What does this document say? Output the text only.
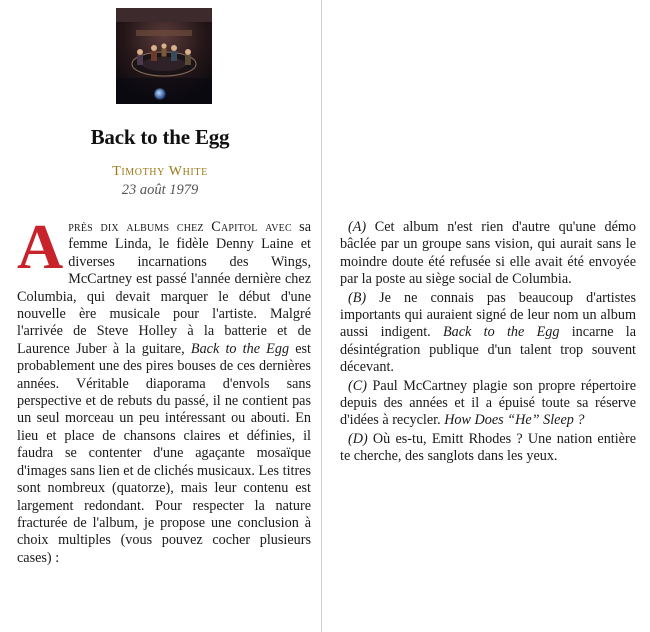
Back to the Egg
Timothy White
23 août 1979

Après dix albums chez Capitol avec sa femme Linda, le fidèle Denny Laine et diverses incarnations des Wings, McCartney est passé l'année dernière chez Columbia, qui devait marquer le début d'une nouvelle ère musicale pour l'artiste. Malgré l'arrivée de Steve Holley à la batterie et de Laurence Juber à la guitare, Back to the Egg est probablement une des pires bouses de ces dernières années. Véritable diaporama d'envols sans perspective et de rebuts du passé, il ne contient pas un seul morceau un peu intéressant ou abouti. En lieu et place de chansons claires et définies, il faudra se contenter d'une agaçante mosaïque d'images sans lien et de clichés musicaux. Les titres sont nombreux (quatorze), mais leur contenu est largement redondant. Pour respecter la nature fracturée de l'album, je propose une conclusion à choix multiples (vous pouvez cocher plusieurs cases) :

(A) Cet album n'est rien d'autre qu'une démo bâclée par un groupe sans vision, qui aurait sans le moindre doute été refusée si elle avait été envoyée par la poste au siège social de Columbia.

(B) Je ne connais pas beaucoup d'artistes importants qui auraient signé de leur nom un album aussi indigent. Back to the Egg incarne la désintégration publique d'un talent trop souvent décevant.

(C) Paul McCartney plagie son propre répertoire depuis des années et il a épuisé toute sa réserve d'idées à recycler. How Does “He” Sleep ?

(D) Où es-tu, Emitt Rhodes ? Une nation entière te cherche, des sanglots dans les yeux.
